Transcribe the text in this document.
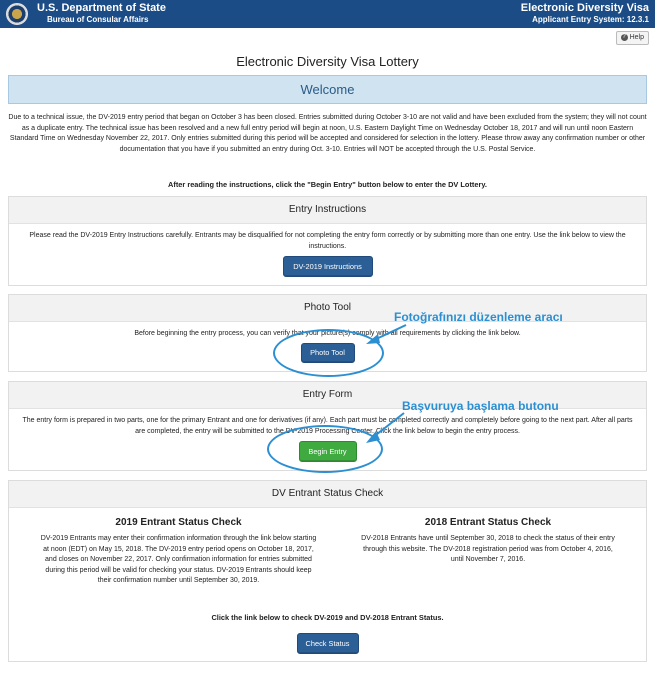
U.S. Department of State
Bureau of Consular Affairs
Electronic Diversity Visa
Applicant Entry System: 12.3.1
? Help
Electronic Diversity Visa Lottery
Welcome
Due to a technical issue, the DV-2019 entry period that began on October 3 has been closed. Entries submitted during October 3-10 are not valid and have been excluded from the system; they will not count as a duplicate entry. The technical issue has been resolved and a new full entry period will begin at noon, U.S. Eastern Daylight Time on Wednesday October 18, 2017 and will run until noon Eastern Standard Time on Wednesday November 22, 2017. Only entries submitted during this period will be accepted and considered for selection in the lottery. Please throw away any confirmation number or other documentation that you have if you submitted an entry during Oct. 3-10. Entries will NOT be accepted through the U.S. Postal Service.
After reading the instructions, click the "Begin Entry" button below to enter the DV Lottery.
Entry Instructions
Please read the DV-2019 Entry Instructions carefully. Entrants may be disqualified for not completing the entry form correctly or by submitting more than one entry. Use the link below to view the instructions.
DV-2019 Instructions
Photo Tool
Before beginning the entry process, you can verify that your picture(s) comply with all requirements by clicking the link below.
Photo Tool
Entry Form
The entry form is prepared in two parts, one for the primary Entrant and one for derivatives (if any). Each part must be completed correctly and completely before going to the next part. After all parts are completed, the entry will be submitted to the DV-2019 Processing Center. Click the link below to begin the entry process.
Begin Entry
DV Entrant Status Check
2019 Entrant Status Check

DV-2019 Entrants may enter their confirmation information through the link below starting at noon (EDT) on May 15, 2018. The DV-2019 entry period opens on October 18, 2017, and closes on November 22, 2017. Only confirmation information for entries submitted during this period will be valid for checking your status. DV-2019 Entrants should keep their confirmation number until September 30, 2019.

2018 Entrant Status Check

DV-2018 Entrants have until September 30, 2018 to check the status of their entry through this website. The DV-2018 registration period was from October 4, 2016, until November 7, 2016.

Click the link below to check DV-2019 and DV-2018 Entrant Status.
Check Status
Fotoğrafınızı düzenleme aracı
Başvuruya başlama butonu
